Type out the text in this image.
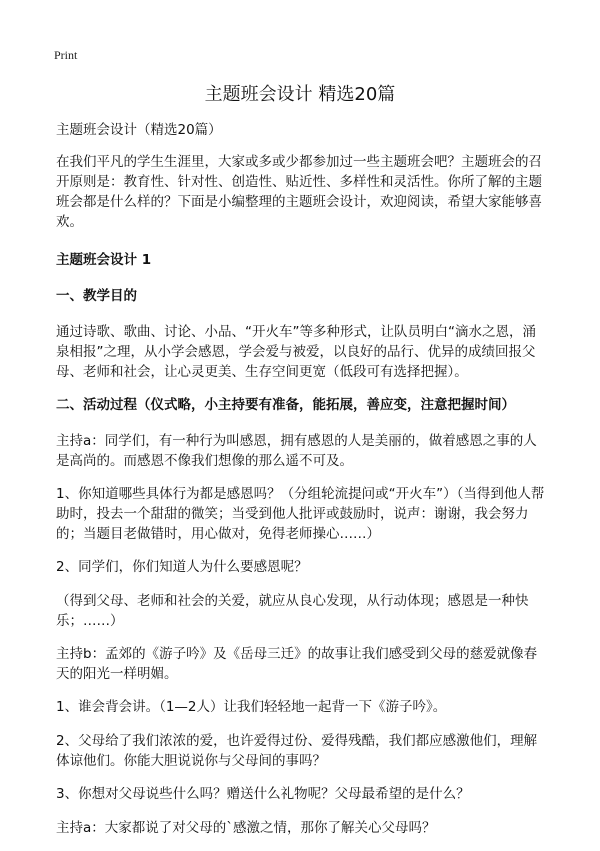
Print
主题班会设计 精选20篇

主题班会设计（精选20篇）

在我们平凡的学生生涯里，大家或多或少都参加过一些主题班会吧？主题班会的召开原则是：教育性、针对性、创造性、贴近性、多样性和灵活性。你所了解的主题班会都是什么样的？下面是小编整理的主题班会设计，欢迎阅读，希望大家能够喜欢。

主题班会设计 1

一、教学目的

通过诗歌、歌曲、讨论、小品、“开火车”等多种形式，让队员明白“滴水之恩，涌泉相报”之理，从小学会感恩，学会爱与被爱，以良好的品行、优异的成绩回报父母、老师和社会，让心灵更美、生存空间更宽（低段可有选择把握）。

二、活动过程（仪式略，小主持要有准备，能拓展，善应变，注意把握时间）

主持a：同学们，有一种行为叫感恩，拥有感恩的人是美丽的，做着感恩之事的人是高尚的。而感恩不像我们想像的那么遥不可及。

1、你知道哪些具体行为都是感恩吗？（分组轮流提问或“开火车”）（当得到他人帮助时，投去一个甜甜的微笑；当受到他人批评或鼓励时，说声：谢谢，我会努力的；当题目老做错时，用心做对，免得老师操心……）

2、同学们，你们知道人为什么要感恩呢？

（得到父母、老师和社会的关爱，就应从良心发现，从行动体现；感恩是一种快乐；……）

主持b：孟郊的《游子吟》及《岳母三迁》的故事让我们感受到父母的慈爱就像春天的阳光一样明媚。

1、谁会背会讲。（1—2人）让我们轻轻地一起背一下《游子吟》。

2、父母给了我们浓浓的爱，也许爱得过份、爱得残酷，我们都应感激他们，理解体谅他们。你能大胆说说你与父母间的事吗？

3、你想对父母说些什么吗？赠送什么礼物呢？父母最希望的是什么？

主持a：大家都说了对父母的`感激之情，那你了解关心父母吗？
